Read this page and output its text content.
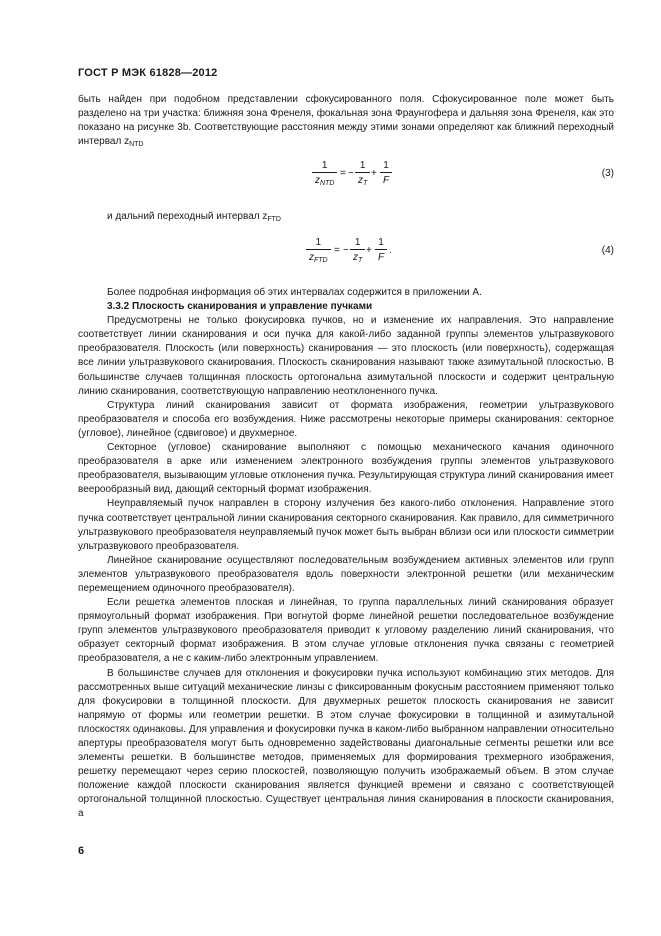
ГОСТ Р МЭК 61828—2012

быть найден при подобном представлении сфокусированного поля. Сфокусированное поле может быть разделено на три участка: ближняя зона Френеля, фокальная зона Фраунгофера и дальняя зона Френеля, как это показано на рисунке 3b. Соответствующие расстояния между этими зонами определяют как ближний переходный интервал $z_{NTD}$

1
$z_{NTD}$
= −
1
$z_T$
+
1
F
(3)
и дальний переходный интервал $z_{FTD}$
1
$z_{FTD}$
= −
1
$z_T$
+
1
F
.	(4)

Более подробная информация об этих интервалах содержится в приложении А.

3.3.2 Плоскость сканирования и управление пучками

Предусмотрены не только фокусировка пучков, но и изменение их направления. Это направление соответствует линии сканирования и оси пучка для какой-либо заданной группы элементов ультразвукового преобразователя. Плоскость (или поверхность) сканирования — это плоскость (или поверхность), содержащая все линии ультразвукового сканирования. Плоскость сканирования называют также азимутальной плоскостью. В большинстве случаев толщинная плоскость ортогональна азимутальной плоскости и содержит центральную линию сканирования, соответствующую направлению неотклоненного пучка.

Структура линий сканирования зависит от формата изображения, геометрии ультразвукового преобразователя и способа его возбуждения. Ниже рассмотрены некоторые примеры сканирования: секторное (угловое), линейное (сдвиговое) и двухмерное.

Секторное (угловое) сканирование выполняют с помощью механического качания одиночного преобразователя в арке или изменением электронного возбуждения группы элементов ультразвукового преобразователя, вызывающим угловые отклонения пучка. Результирующая структура линий сканирования имеет веерообразный вид, дающий секторный формат изображения.

Неуправляемый пучок направлен в сторону излучения без какого-либо отклонения. Направление этого пучка соответствует центральной линии сканирования секторного сканирования. Как правило, для симметричного ультразвукового преобразователя неуправляемый пучок может быть выбран вблизи оси или плоскости симметрии ультразвукового преобразователя.

Линейное сканирование осуществляют последовательным возбуждением активных элементов или групп элементов ультразвукового преобразователя вдоль поверхности электронной решетки (или механическим перемещением одиночного преобразователя).

Если решетка элементов плоская и линейная, то группа параллельных линий сканирования образует прямоугольный формат изображения. При вогнутой форме линейной решетки последовательное возбуждение групп элементов ультразвукового преобразователя приводит к угловому разделению линий сканирования, что образует секторный формат изображения. В этом случае угловые отклонения пучка связаны с геометрией преобразователя, а не с каким-либо электронным управлением.

В большинстве случаев для отклонения и фокусировки пучка используют комбинацию этих методов. Для рассмотренных выше ситуаций механические линзы с фиксированным фокусным расстоянием применяют только для фокусировки в толщинной плоскости. Для двухмерных решеток плоскость сканирования не зависит напрямую от формы или геометрии решетки. В этом случае фокусировки в толщинной и азимутальной плоскостях одинаковы. Для управления и фокусировки пучка в каком-либо выбранном направлении относительно апертуры преобразователя могут быть одновременно задействованы диагональные сегменты решетки или все элементы решетки. В большинстве методов, применяемых для формирования трехмерного изображения, решетку перемещают через серию плоскостей, позволяющую получить изображаемый объем. В этом случае положение каждой плоскости сканирования является функцией времени и связано с соответствующей ортогональной толщинной плоскостью. Существует центральная линия сканирования в плоскости сканирования, а

6
